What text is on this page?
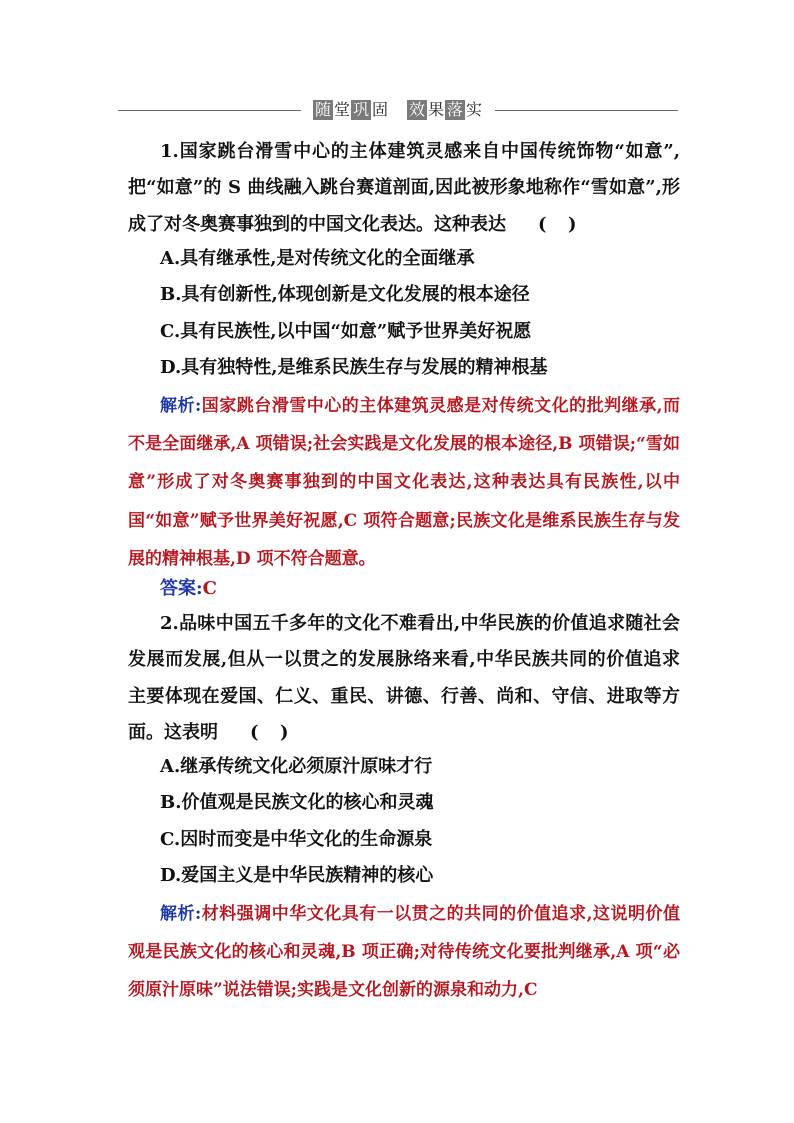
随 堂 巩 固 效 果 落 实
1.国家跳台滑雪中心的主体建筑灵感来自中国传统饰物“如意”,把“如意”的 S 曲线融入跳台赛道剖面,因此被形象地称作“雪如意”,形成了对冬奥赛事独到的中国文化表达。这种表达 ( )
A.具有继承性,是对传统文化的全面继承
B.具有创新性,体现创新是文化发展的根本途径
C.具有民族性,以中国“如意”赋予世界美好祝愿
D.具有独特性,是维系民族生存与发展的精神根基
解析:国家跳台滑雪中心的主体建筑灵感是对传统文化的批判继承,而不是全面继承,A 项错误;社会实践是文化发展的根本途径,B 项错误;“雪如意”形成了对冬奥赛事独到的中国文化表达,这种表达具有民族性,以中国“如意”赋予世界美好祝愿,C 项符合题意;民族文化是维系民族生存与发展的精神根基,D 项不符合题意。
答案:C
2.品味中国五千多年的文化不难看出,中华民族的价值追求随社会发展而发展,但从一以贯之的发展脉络来看,中华民族共同的价值追求主要体现在爱国、仁义、重民、讲德、行善、尚和、守信、进取等方面。这表明 ( )
A.继承传统文化必须原汁原味才行
B.价值观是民族文化的核心和灵魂
C.因时而变是中华文化的生命源泉
D.爱国主义是中华民族精神的核心
解析:材料强调中华文化具有一以贯之的共同的价值追求,这说明价值观是民族文化的核心和灵魂,B 项正确;对待传统文化要批判继承,A 项“必须原汁原味”说法错误;实践是文化创新的源泉和动力,C
